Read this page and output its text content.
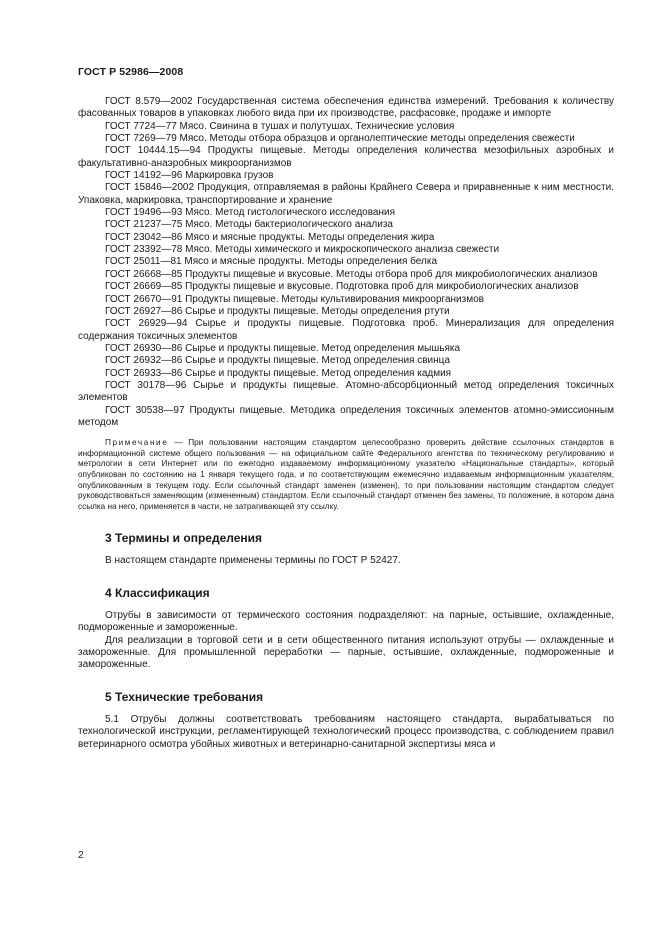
ГОСТ Р 52986—2008

ГОСТ 8.579—2002 Государственная система обеспечения единства измерений. Требования к количеству фасованных товаров в упаковках любого вида при их производстве, расфасовке, продаже и импорте

ГОСТ 7724—77 Мясо. Свинина в тушах и полутушах. Технические условия

ГОСТ 7269—79 Мясо. Методы отбора образцов и органолептические методы определения свежести

ГОСТ 10444.15—94 Продукты пищевые. Методы определения количества мезофильных аэробных и факультативно-анаэробных микроорганизмов

ГОСТ 14192—96 Маркировка грузов

ГОСТ 15846—2002 Продукция, отправляемая в районы Крайнего Севера и приравненные к ним местности. Упаковка, маркировка, транспортирование и хранение

ГОСТ 19496—93 Мясо. Метод гистологического исследования

ГОСТ 21237—75 Мясо. Методы бактериологического анализа

ГОСТ 23042—86 Мясо и мясные продукты. Методы определения жира

ГОСТ 23392—78 Мясо. Методы химического и микроскопического анализа свежести

ГОСТ 25011—81 Мясо и мясные продукты. Методы определения белка

ГОСТ 26668—85 Продукты пищевые и вкусовые. Методы отбора проб для микробиологических анализов

ГОСТ 26669—85 Продукты пищевые и вкусовые. Подготовка проб для микробиологических анализов

ГОСТ 26670—91 Продукты пищевые. Методы культивирования микроорганизмов

ГОСТ 26927—86 Сырье и продукты пищевые. Методы определения ртути

ГОСТ 26929—94 Сырье и продукты пищевые. Подготовка проб. Минерализация для определения содержания токсичных элементов

ГОСТ 26930—86 Сырье и продукты пищевые. Метод определения мышьяка

ГОСТ 26932—86 Сырье и продукты пищевые. Метод определения свинца

ГОСТ 26933—86 Сырье и продукты пищевые. Метод определения кадмия

ГОСТ 30178—96 Сырье и продукты пищевые. Атомно-абсорбционный метод определения токсичных элементов

ГОСТ 30538—97 Продукты пищевые. Методика определения токсичных элементов атомно-эмиссионным методом

Примечание — При пользовании настоящим стандартом целесообразно проверить действие ссылочных стандартов в информационной системе общего пользования — на официальном сайте Федерального агентства по техническому регулированию и метрологии в сети Интернет или по ежегодно издаваемому информационному указателю «Национальные стандарты», который опубликован по состоянию на 1 января текущего года, и по соответствующим ежемесячно издаваемым информационным указателям, опубликованным в текущем году. Если ссылочный стандарт заменен (изменен), то при пользовании настоящим стандартом следует руководствоваться заменяющим (измененным) стандартом. Если ссылочный стандарт отменен без замены, то положение, в котором дана ссылка на него, применяется в части, не затрагивающей эту ссылку.

3 Термины и определения

В настоящем стандарте применены термины по ГОСТ Р 52427.

4 Классификация

Отрубы в зависимости от термического состояния подразделяют: на парные, остывшие, охлажденные, подмороженные и замороженные.

Для реализации в торговой сети и в сети общественного питания используют отрубы — охлажденные и замороженные. Для промышленной переработки — парные, остывшие, охлажденные, подмороженные и замороженные.

5 Технические требования

5.1 Отрубы должны соответствовать требованиям настоящего стандарта, вырабатываться по технологической инструкции, регламентирующей технологический процесс производства, с соблюдением правил ветеринарного осмотра убойных животных и ветеринарно-санитарной экспертизы мяса и

2
